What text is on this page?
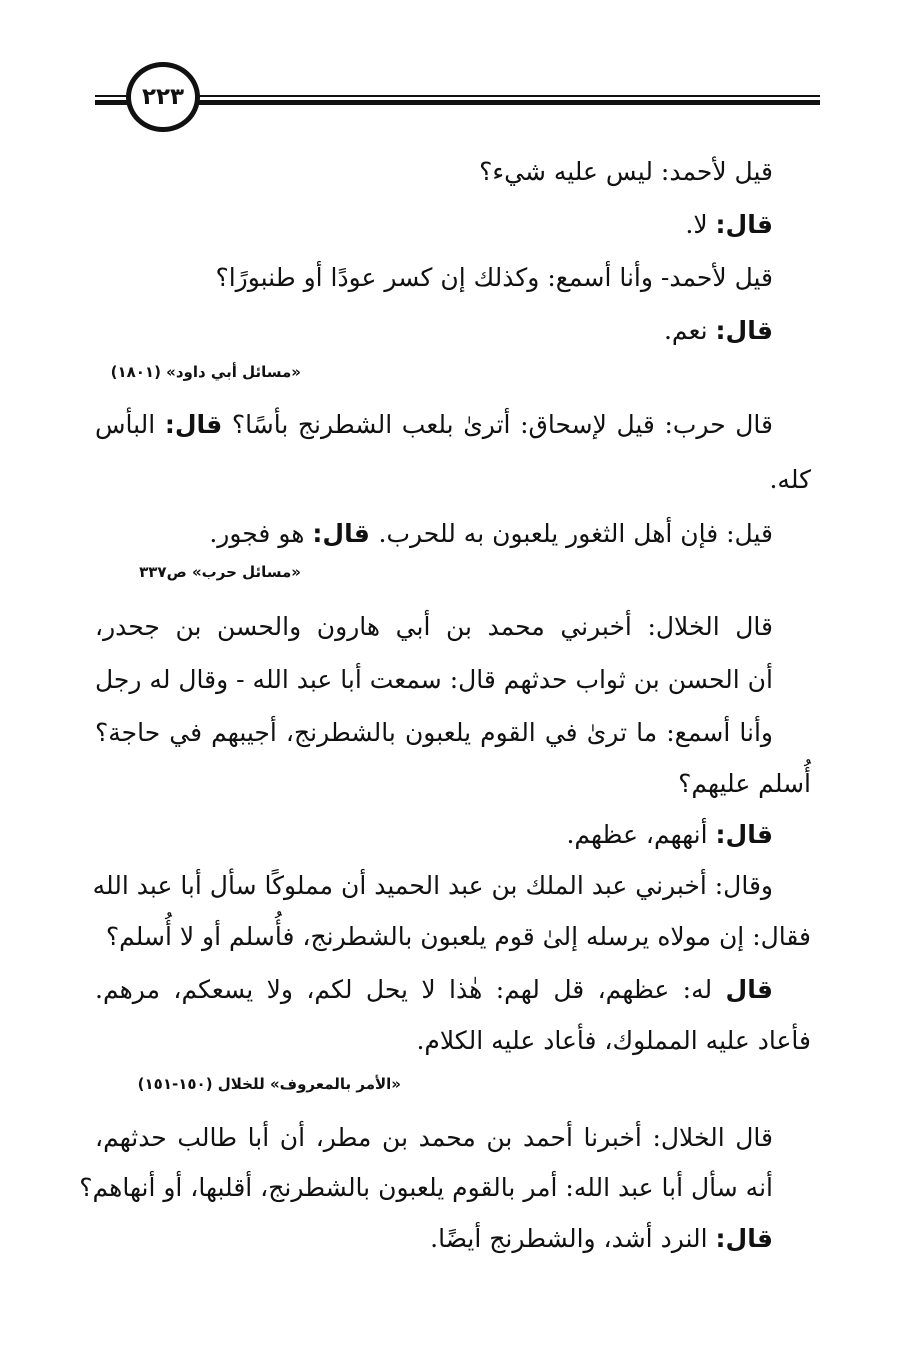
٢٢٣
قيل لأحمد: ليس عليه شيء؟
قال: لا.
قيل لأحمد- وأنا أسمع: وكذلك إن كسر عودًا أو طنبورًا؟
قال: نعم.
«مسائل أبي داود» (١٨٠١)
قال حرب: قيل لإسحاق: أترىٰ بلعب الشطرنج بأسًا؟ قال: البأس
كله.
قيل: فإن أهل الثغور يلعبون به للحرب. قال: هو فجور.
«مسائل حرب» ص٣٣٧
قال الخلال: أخبرني محمد بن أبي هارون والحسن بن جحدر،
أن الحسن بن ثواب حدثهم قال: سمعت أبا عبد الله - وقال له رجل
وأنا أسمع: ما ترىٰ في القوم يلعبون بالشطرنج، أجيبهم في حاجة؟
أُسلم عليهم؟
قال: أنههم، عظهم.
وقال: أخبرني عبد الملك بن عبد الحميد أن مملوكًا سأل أبا عبد الله
فقال: إن مولاه يرسله إلىٰ قوم يلعبون بالشطرنج، فأُسلم أو لا أُسلم؟
قال له: عظهم، قل لهم: هٰذا لا يحل لكم، ولا يسعكم، مرهم.
فأعاد عليه المملوك، فأعاد عليه الكلام.
«الأمر بالمعروف» للخلال (١٥٠-١٥١)
قال الخلال: أخبرنا أحمد بن محمد بن مطر، أن أبا طالب حدثهم،
أنه سأل أبا عبد الله: أمر بالقوم يلعبون بالشطرنج، أقلبها، أو أنهاهم؟
قال: النرد أشد، والشطرنج أيضًا.
